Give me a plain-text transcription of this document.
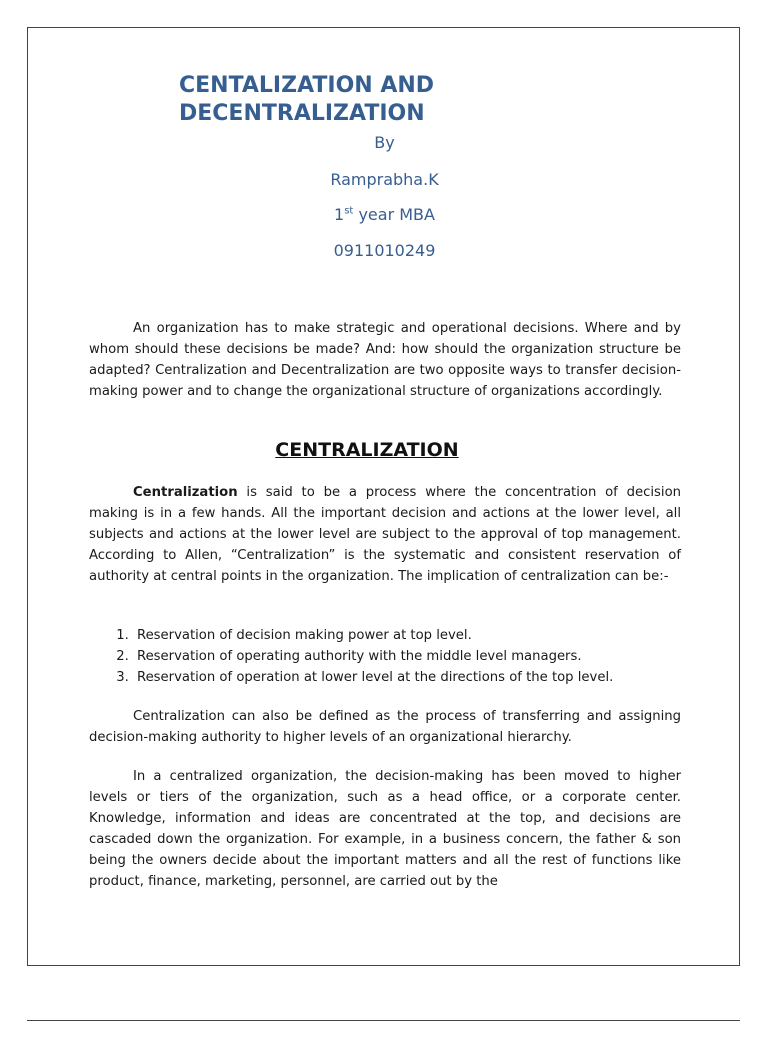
CENTALIZATION AND
DECENTRALIZATION

By

Ramprabha.K

1st year MBA

0911010249

An organization has to make strategic and operational decisions. Where and by whom should these decisions be made? And: how should the organization structure be adapted? Centralization and Decentralization are two opposite ways to transfer decision-making power and to change the organizational structure of organizations accordingly.

CENTRALIZATION

Centralization is said to be a process where the concentration of decision making is in a few hands. All the important decision and actions at the lower level, all subjects and actions at the lower level are subject to the approval of top management. According to Allen, “Centralization” is the systematic and consistent reservation of authority at central points in the organization. The implication of centralization can be:-

1. Reservation of decision making power at top level.
2. Reservation of operating authority with the middle level managers.
3. Reservation of operation at lower level at the directions of the top level.

Centralization can also be defined as the process of transferring and assigning decision-making authority to higher levels of an organizational hierarchy.

In a centralized organization, the decision-making has been moved to higher levels or tiers of the organization, such as a head office, or a corporate center. Knowledge, information and ideas are concentrated at the top, and decisions are cascaded down the organization. For example, in a business concern, the father & son being the owners decide about the important matters and all the rest of functions like product, finance, marketing, personnel, are carried out by the
